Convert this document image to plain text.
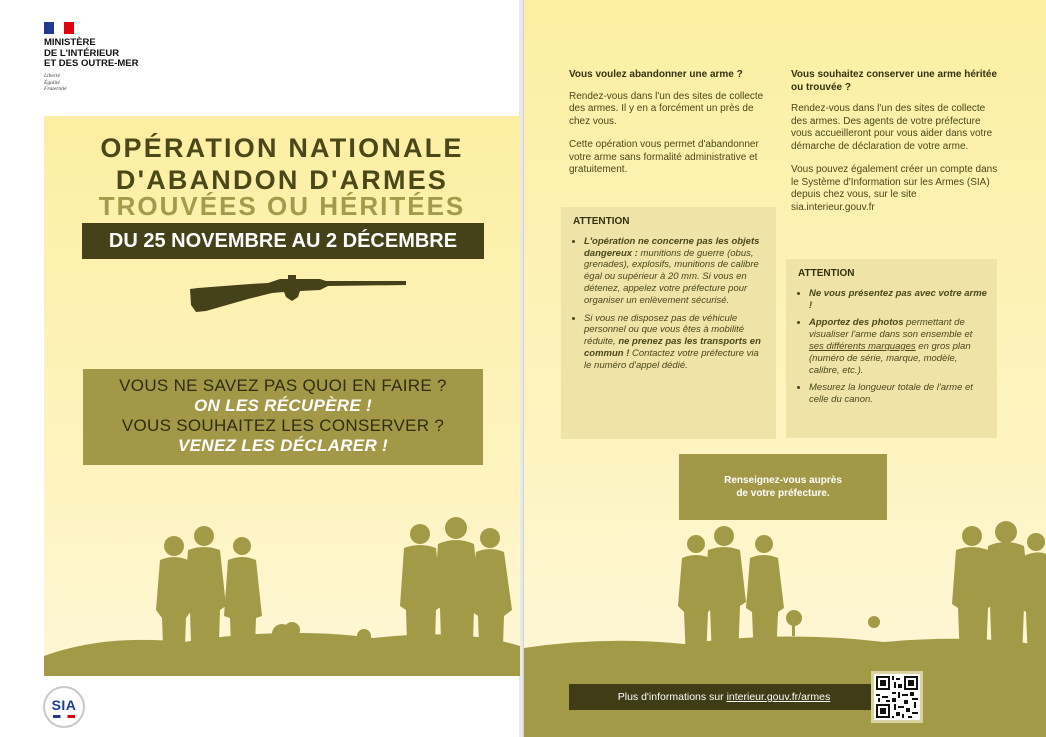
MINISTÈRE
DE L'INTÉRIEUR
ET DES OUTRE-MER
Liberté
Égalité
Fraternité
OPÉRATION NATIONALE
D'ABANDON D'ARMES
TROUVÉES OU HÉRITÉES
DU 25 NOVEMBRE AU 2 DÉCEMBRE
VOUS NE SAVEZ PAS QUOI EN FAIRE ?
ON LES RÉCUPÈRE !
VOUS SOUHAITEZ LES CONSERVER ?
VENEZ LES DÉCLARER !
SIA
Vous voulez abandonner une arme ?

Rendez-vous dans l'un des sites de collecte des armes. Il y en a forcément un près de chez vous.

Cette opération vous permet d'abandonner votre arme sans formalité administrative et gratuitement.

ATTENTION
• L'opération ne concerne pas les objets dangereux : munitions de guerre (obus, grenades), explosifs, munitions de calibre égal ou supérieur à 20 mm. Si vous en détenez, appelez votre préfecture pour organiser un enlèvement sécurisé.
• Si vous ne disposez pas de véhicule personnel ou que vous êtes à mobilité réduite, ne prenez pas les transports en commun ! Contactez votre préfecture via le numéro d'appel dédié.
Vous souhaitez conserver une arme héritée ou trouvée ?

Rendez-vous dans l'un des sites de collecte des armes. Des agents de votre préfecture vous accueilleront pour vous aider dans votre démarche de déclaration de votre arme.

Vous pouvez également créer un compte dans le Système d'Information sur les Armes (SIA) depuis chez vous, sur le site sia.interieur.gouv.fr

ATTENTION
• Ne vous présentez pas avec votre arme !
• Apportez des photos permettant de visualiser l'arme dans son ensemble et ses différents marquages en gros plan (numéro de série, marque, modèle, calibre, etc.).
• Mesurez la longueur totale de l'arme et celle du canon.
Renseignez-vous auprès
de votre préfecture.
Plus d'informations sur interieur.gouv.fr/armes
